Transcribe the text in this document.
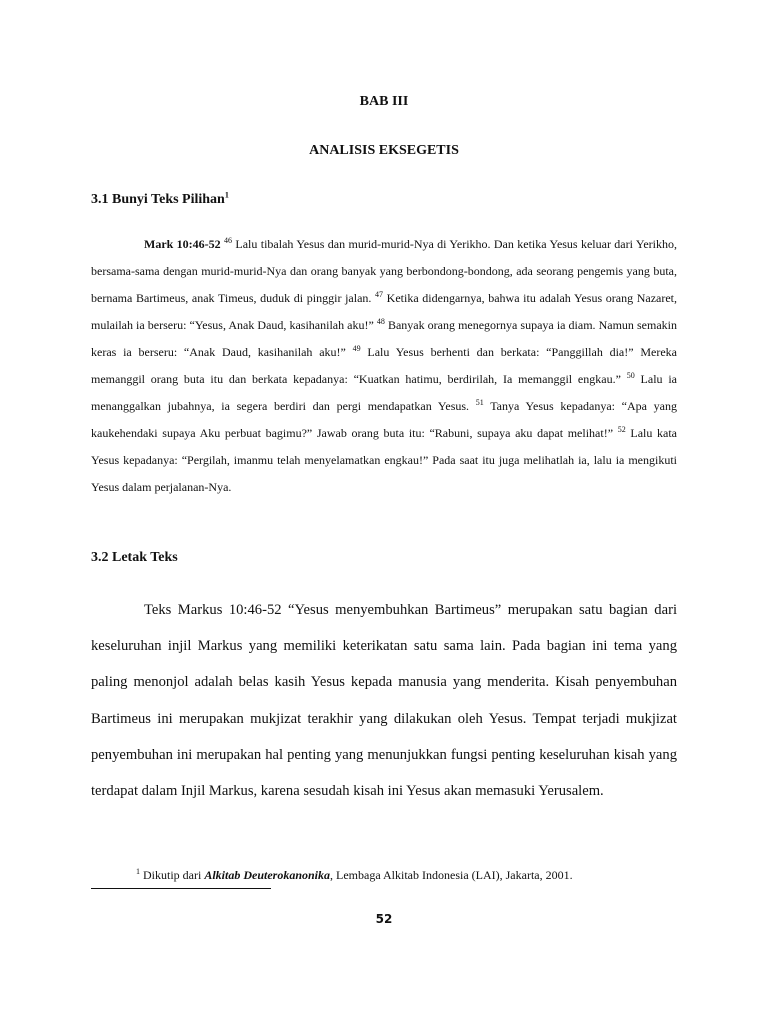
BAB III
ANALISIS EKSEGETIS
3.1 Bunyi Teks Pilihan$^1$

Mark 10:46-52 $^{46}$ Lalu tibalah Yesus dan murid-murid-Nya di Yerikho. Dan ketika Yesus keluar dari Yerikho, bersama-sama dengan murid-murid-Nya dan orang banyak yang berbondong-bondong, ada seorang pengemis yang buta, bernama Bartimeus, anak Timeus, duduk di pinggir jalan. $^{47}$ Ketika didengarnya, bahwa itu adalah Yesus orang Nazaret, mulailah ia berseru: “Yesus, Anak Daud, kasihanilah aku!” $^{48}$ Banyak orang menegornya supaya ia diam. Namun semakin keras ia berseru: “Anak Daud, kasihanilah aku!” $^{49}$ Lalu Yesus berhenti dan berkata: “Panggillah dia!” Mereka memanggil orang buta itu dan berkata kepadanya: “Kuatkan hatimu, berdirilah, Ia memanggil engkau.” $^{50}$ Lalu ia menanggalkan jubahnya, ia segera berdiri dan pergi mendapatkan Yesus. $^{51}$ Tanya Yesus kepadanya: “Apa yang kaukehendaki supaya Aku perbuat bagimu?” Jawab orang buta itu: “Rabuni, supaya aku dapat melihat!” $^{52}$ Lalu kata Yesus kepadanya: “Pergilah, imanmu telah menyelamatkan engkau!” Pada saat itu juga melihatlah ia, lalu ia mengikuti Yesus dalam perjalanan-Nya.

3.2 Letak Teks

Teks Markus 10:46-52 “Yesus menyembuhkan Bartimeus” merupakan satu bagian dari keseluruhan injil Markus yang memiliki keterikatan satu sama lain. Pada bagian ini tema yang paling menonjol adalah belas kasih Yesus kepada manusia yang menderita. Kisah penyembuhan Bartimeus ini merupakan mukjizat terakhir yang dilakukan oleh Yesus. Tempat terjadi mukjizat penyembuhan ini merupakan hal penting yang menunjukkan fungsi penting keseluruhan kisah yang terdapat dalam Injil Markus, karena sesudah kisah ini Yesus akan memasuki Yerusalem.

$^1$ Dikutip dari Alkitab Deuterokanonika, Lembaga Alkitab Indonesia (LAI), Jakarta, 2001.

52
